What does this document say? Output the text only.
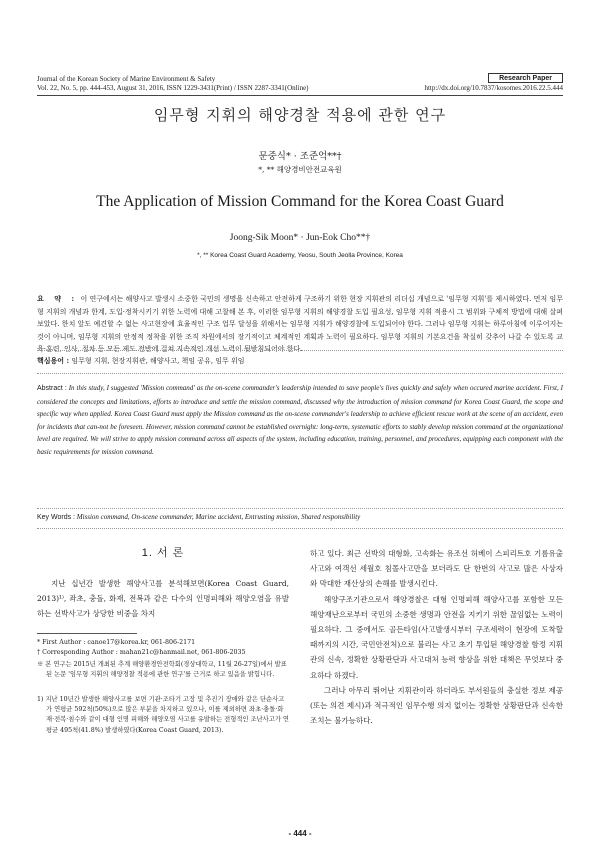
Journal of the Korean Society of Marine Environment & Safety
Vol. 22, No. 5, pp. 444-453, August 31, 2016, ISSN 1229-3431(Print) / ISSN 2287-3341(Online)
Research Paper
http://dx.doi.org/10.7837/kosomes.2016.22.5.444
임무형 지휘의 해양경찰 적용에 관한 연구
문중식* · 조준억**†
*, ** 해양경비안전교육원
The Application of Mission Command for the Korea Coast Guard
Joong-Sik Moon* · Jun-Eok Cho**†
*, ** Korea Coast Guard Academy, Yeosu, South Jeolla Province, Korea
요 약 : 이 연구에서는 해양사고 발생시 소중한 국민의 생명을 신속하고 안전하게 구조하기 위한 현장 지휘관의 리더십 개념으로 '임무형 지휘'를 제시하였다. 먼저 임무형 지휘의 개념과 한계, 도입·정착시키기 위한 노력에 대해 고찰해 본 후, 이러한 임무형 지휘의 해양경찰 도입 필요성, 임무형 지휘 적용시 그 범위와 구체적 방법에 대해 살펴보았다. 한치 앞도 예견할 수 없는 사고현장에 효율적인 구조 업무 달성을 위해서는 임무형 지휘가 해양경찰에 도입되어야 한다. 그러나 임무형 지휘는 하루아침에 이루어지는 것이 아니며, 임무형 지휘의 안정적 정착을 위한 조직 차원에서의 장기적이고 체계적인 계획과 노력이 필요하다. 임무형 지휘의 기본요건을 착실히 갖추어 나갈 수 있도록 교육·훈련, 인사, 절차 등 모든 제도 전반에 걸쳐 지속적인 개선 노력이 뒷받침되어야 한다.
핵심용어 : 임무형 지휘, 현장지휘관, 해양사고, 책임 공유, 임무 위임
Abstract : In this study, I suggested 'Mission command' as the on-scene commander's leadership intended to save people's lives quickly and safely when occured marine accident. First, I considered the concepts and limitations, efforts to introduce and settle the mission command, discussed why the introduction of mission command for Korea Coast Guard, the scope and specific way when applied. Korea Coast Guard must apply the Mission command as the on-scene commander's leadership to achieve efficient rescue work at the scene of an accident, even for incidents that can-not be foreseen. However, mission command cannot be established overnight: long-term, systematic efforts to stably develop mission command at the organizational level are required. We will strive to apply mission command across all aspects of the system, including education, training, personnel, and procedures, equipping each component with the basic requirements for mission command.
Key Words : Mission command, On-scene commander, Marine accident, Entrusting mission, Shared responsibility
1. 서 론
지난 십년간 발생한 해양사고를 분석해보면(Korea Coast Guard, 2013)¹⁾, 좌초, 충돌, 화재, 전복과 같은 다수의 인명피해와 해양오염을 유발하는 선박사고가 상당한 비중을 차지

하고 있다. 최근 선박의 대형화, 고속화는 유조선 허베이 스피리트호 기름유출 사고와 여객선 세월호 침몰사고만을 보더라도 단 한번의 사고로 많은 사상자와 막대한 재산상의 손해를 발생시킨다.

해양구조기관으로서 해양경찰은 대형 인명피해 해양사고를 포함한 모든 해양재난으로부터 국민의 소중한 생명과 안전을 지키기 위한 끊임없는 노력이 필요하다. 그 중에서도 골든타임(사고발생시부터 구조세력이 현장에 도착할 때까지의 시간, 국민안전처)으로 불리는 사고 초기 투입된 해양경찰 함정 지휘관의 신속, 정확한 상황판단과 사고대처 능력 향상을 위한 대책은 무엇보다 중요하다 하겠다.

그러나 아무리 뛰어난 지휘관이라 하더라도 부서원들의 충실한 정보 제공(또는 의견 제시)과 적극적인 임무수행 의지 없이는 정확한 상황판단과 신속한 조치는 불가능하다.

* First Author : canoe17@korea.kr, 061-806-2171
† Corresponding Author : mahan21c@hanmail.net, 061-806-2035
※ 본 연구는 2015년 개최된 추계 해양환경안전학회(경상대학교, 11월 26-27일)에서 발표된 논문 '임무형 지휘의 해양경찰 적용에 관한 연구'를 근거로 하고 있음을 밝힙니다.
1) 지난 10년간 발생한 해양사고를 보면 기관·조타기 고장 및 추진기 장애와 같은 단순사고가 연평균 592척(50%)으로 많은 부분을 차지하고 있으나, 이를 제외하면 좌초·충돌·화재·전복·침수와 같이 대형 인명 피해와 해양오염 사고를 유발하는 전형적인 조난사고가 연평균 495척(41.8%) 발생하였다(Korea Coast Guard, 2013).
- 444 -
